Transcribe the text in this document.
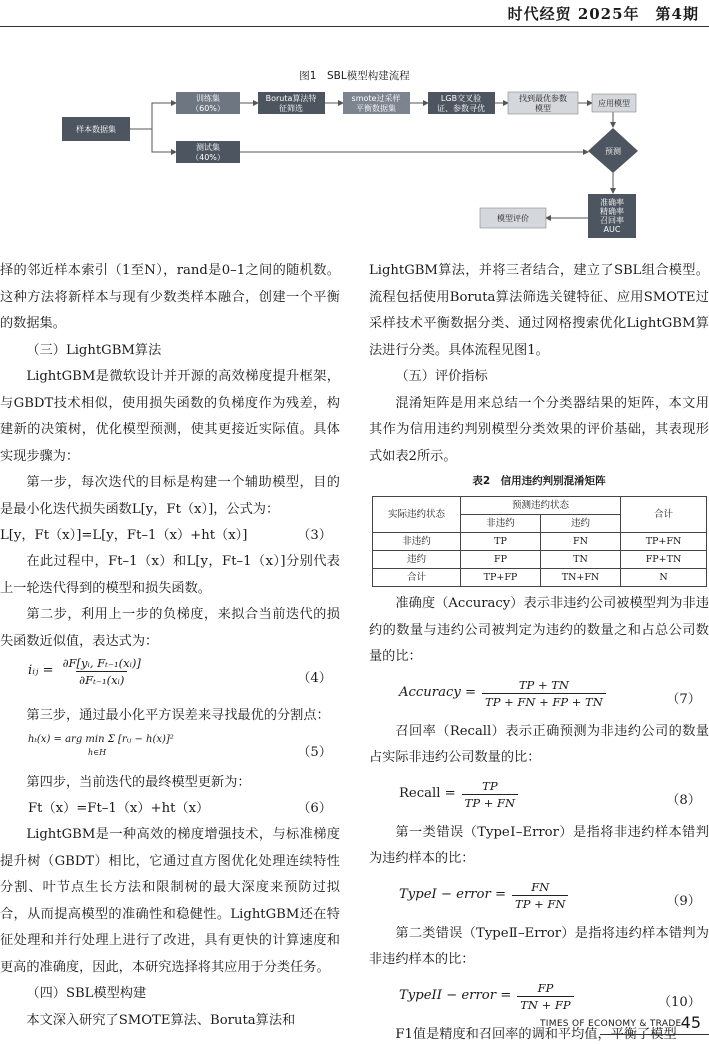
时代经贸 2025年　第4期
图1　SBL模型构建流程
样本数据集
训练集
（60%）
测试集
（40%）
Boruta算法特
征筛选
smote过采样
平衡数据集
LGB交叉验
证、参数寻优
找到最优参数
模型
应用模型
预测
准确率
精确率
召回率
AUC
模型评价

择的邻近样本索引（1至N），rand是0–1之间的随机数。这种方法将新样本与现有少数类样本融合，创建一个平衡的数据集。

（三）LightGBM算法

LightGBM是微软设计并开源的高效梯度提升框架，与GBDT技术相似，使用损失函数的负梯度作为残差，构建新的决策树，优化模型预测，使其更接近实际值。具体实现步骤为：

第一步，每次迭代的目标是构建一个辅助模型，目的是最小化迭代损失函数L[y，Ft（x）]，公式为：

L[y，Ft（x）]=L[y，Ft–1（x）+ht（x）]	（3）

在此过程中，Ft–1（x）和L[y，Ft–1（x）]分别代表上一轮迭代得到的模型和损失函数。

第二步，利用上一步的负梯度，来拟合当前迭代的损失函数近似值，表达式为：

iᵢⱼ = $\frac{\text{∂F[yᵢ, Fₜ₋₁(xᵢ)]}}{\text{∂Fₜ₋₁(xᵢ)}}$	（4）

第三步，通过最小化平方误差来寻找最优的分割点：

hₜ(x) = arg min Σ [rᵢⱼ − h(x)]²
h∈H	（5）

第四步，当前迭代的最终模型更新为：

Ft（x）=Ft–1（x）+ht（x）	（6）

LightGBM是一种高效的梯度增强技术，与标准梯度提升树（GBDT）相比，它通过直方图优化处理连续特性分割、叶节点生长方法和限制树的最大深度来预防过拟合，从而提高模型的准确性和稳健性。LightGBM还在特征处理和并行处理上进行了改进，具有更快的计算速度和更高的准确度，因此，本研究选择将其应用于分类任务。

（四）SBL模型构建

本文深入研究了SMOTE算法、Boruta算法和

LightGBM算法，并将三者结合，建立了SBL组合模型。流程包括使用Boruta算法筛选关键特征、应用SMOTE过采样技术平衡数据分类、通过网格搜索优化LightGBM算法进行分类。具体流程见图1。

（五）评价指标

混淆矩阵是用来总结一个分类器结果的矩阵，本文用其作为信用违约判别模型分类效果的评价基础，其表现形式如表2所示。

表2　信用违约判别混淆矩阵
实际违约状态	预测违约状态		合计
	非违约	违约	
非违约	TP	FN	TP+FN
违约	FP	TN	FP+TN
合计	TP+FP	TN+FN	N

准确度（Accuracy）表示非违约公司被模型判为非违约的数量与违约公司被判定为违约的数量之和占总公司数量的比：

Accuracy = $\frac{TP + TN}{TP + FN + FP + TN}$	（7）

召回率（Recall）表示正确预测为非违约公司的数量占实际非违约公司数量的比：

Recall = $\frac{TP}{TP + FN}$	（8）

第一类错误（TypeⅠ–Error）是指将非违约样本错判为违约样本的比：

TypeI − error = $\frac{FN}{TP + FN}$	（9）

第二类错误（TypeⅡ–Error）是指将违约样本错判为非违约样本的比：

TypeII − error = $\frac{FP}{TN + FP}$	（10）

F1值是精度和召回率的调和平均值，平衡了模型

TIMES OF ECONOMY & TRADE 45
